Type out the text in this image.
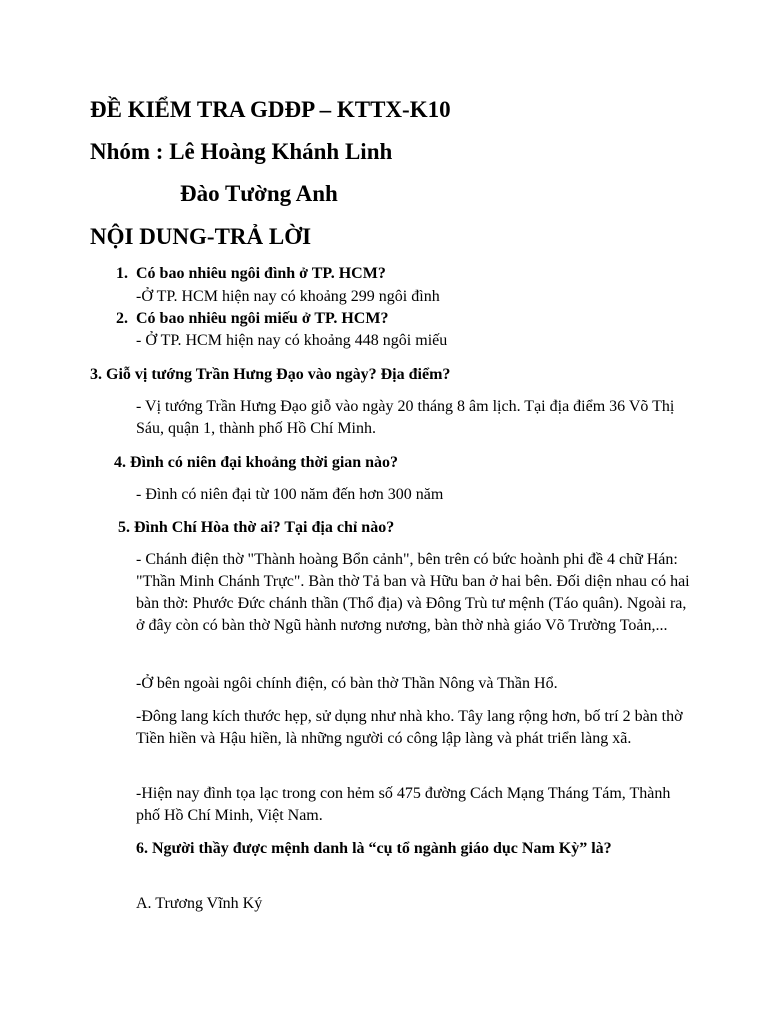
ĐỀ KIỂM TRA GDĐP – KTTX-K10
Nhóm : Lê Hoàng Khánh Linh
Đào Tường Anh
NỘI DUNG-TRẢ LỜI
1. Có bao nhiêu ngôi đình ở TP. HCM?
-Ở TP. HCM hiện nay có khoảng 299 ngôi đình
2. Có bao nhiêu ngôi miếu ở TP. HCM?
- Ở TP. HCM hiện nay có khoảng 448 ngôi miếu
3. Giỗ vị tướng Trần Hưng Đạo vào ngày? Địa điểm?
- Vị tướng Trần Hưng Đạo giỗ vào ngày 20 tháng 8 âm lịch. Tại địa điểm 36 Võ Thị Sáu, quận 1, thành phố Hồ Chí Minh.
4. Đình có niên đại khoảng thời gian nào?
- Đình có niên đại từ 100 năm đến hơn 300 năm
5. Đình Chí Hòa thờ ai? Tại địa chỉ nào?
- Chánh điện thờ "Thành hoàng Bổn cảnh", bên trên có bức hoành phi đề 4 chữ Hán: "Thần Minh Chánh Trực". Bàn thờ Tả ban và Hữu ban ở hai bên. Đối diện nhau có hai bàn thờ: Phước Đức chánh thần (Thổ địa) và Đông Trù tư mệnh (Táo quân). Ngoài ra, ở đây còn có bàn thờ Ngũ hành nương nương, bàn thờ nhà giáo Võ Trường Toản,...
-Ở bên ngoài ngôi chính điện, có bàn thờ Thần Nông và Thần Hổ.
-Đông lang kích thước hẹp, sử dụng như nhà kho. Tây lang rộng hơn, bố trí 2 bàn thờ Tiền hiền và Hậu hiền, là những người có công lập làng và phát triển làng xã.
-Hiện nay đình tọa lạc trong con hẻm số 475 đường Cách Mạng Tháng Tám, Thành phố Hồ Chí Minh, Việt Nam.
6. Người thầy được mệnh danh là “cụ tổ ngành giáo dục Nam Kỳ” là?
A. Trương Vĩnh Ký
